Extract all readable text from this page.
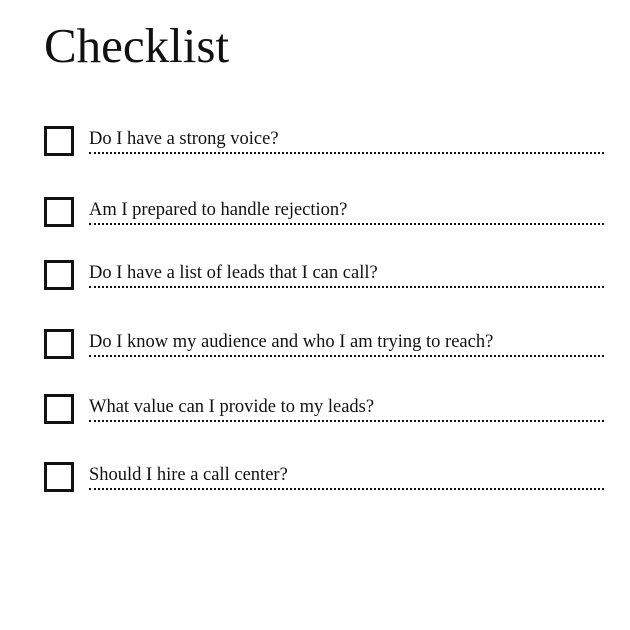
Checklist
Do I have a strong voice?
Am I prepared to handle rejection?
Do I have a list of leads that I can call?
Do I know my audience and who I am trying to reach?
What value can I provide to my leads?
Should I hire a call center?
